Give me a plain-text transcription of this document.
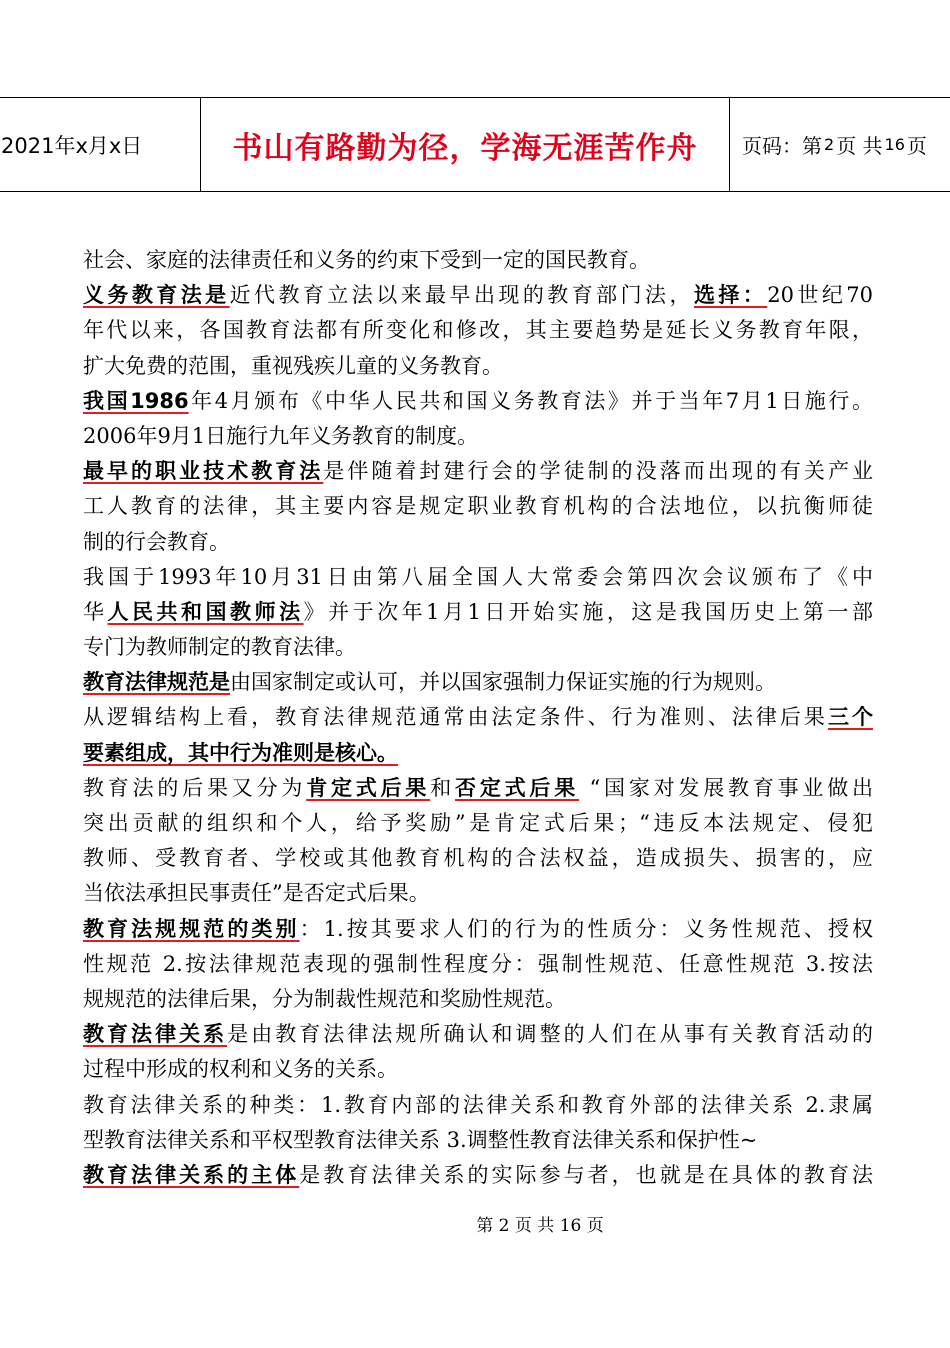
2021年x月x日	书山有路勤为径，学海无涯苦作舟	页码：第 2 页 共 16 页
社会、家庭的法律责任和义务的约束下受到一定的国民教育。
义务教育法是近代教育立法以来最早出现的教育部门法，选择：20世纪70
年代以来，各国教育法都有所变化和修改，其主要趋势是延长义务教育年限，
扩大免费的范围，重视残疾儿童的义务教育。
我国1986年4月颁布《中华人民共和国义务教育法》并于当年7月1日施行。
2006年9月1日施行九年义务教育的制度。
最早的职业技术教育法是伴随着封建行会的学徒制的没落而出现的有关产业
工人教育的法律，其主要内容是规定职业教育机构的合法地位，以抗衡师徒
制的行会教育。
我国于1993年10月31日由第八届全国人大常委会第四次会议颁布了《中
华人民共和国教师法》并于次年1月1日开始实施，这是我国历史上第一部
专门为教师制定的教育法律。
教育法律规范是由国家制定或认可，并以国家强制力保证实施的行为规则。
从逻辑结构上看，教育法律规范通常由法定条件、行为准则、法律后果三个
要素组成，其中行为准则是核心。
教育法的后果又分为肯定式后果和否定式后果 “国家对发展教育事业做出
突出贡献的组织和个人，给予奖励”是肯定式后果；“违反本法规定、侵犯
教师、受教育者、学校或其他教育机构的合法权益，造成损失、损害的，应
当依法承担民事责任”是否定式后果。
教育法规规范的类别：1.按其要求人们的行为的性质分：义务性规范、授权
性规范 2.按法律规范表现的强制性程度分：强制性规范、任意性规范 3.按法
规规范的法律后果，分为制裁性规范和奖励性规范。
教育法律关系是由教育法律法规所确认和调整的人们在从事有关教育活动的
过程中形成的权利和义务的关系。
教育法律关系的种类：1.教育内部的法律关系和教育外部的法律关系 2.隶属
型教育法律关系和平权型教育法律关系 3.调整性教育法律关系和保护性~
教育法律关系的主体是教育法律关系的实际参与者，也就是在具体的教育法
第 2 页 共 16 页
